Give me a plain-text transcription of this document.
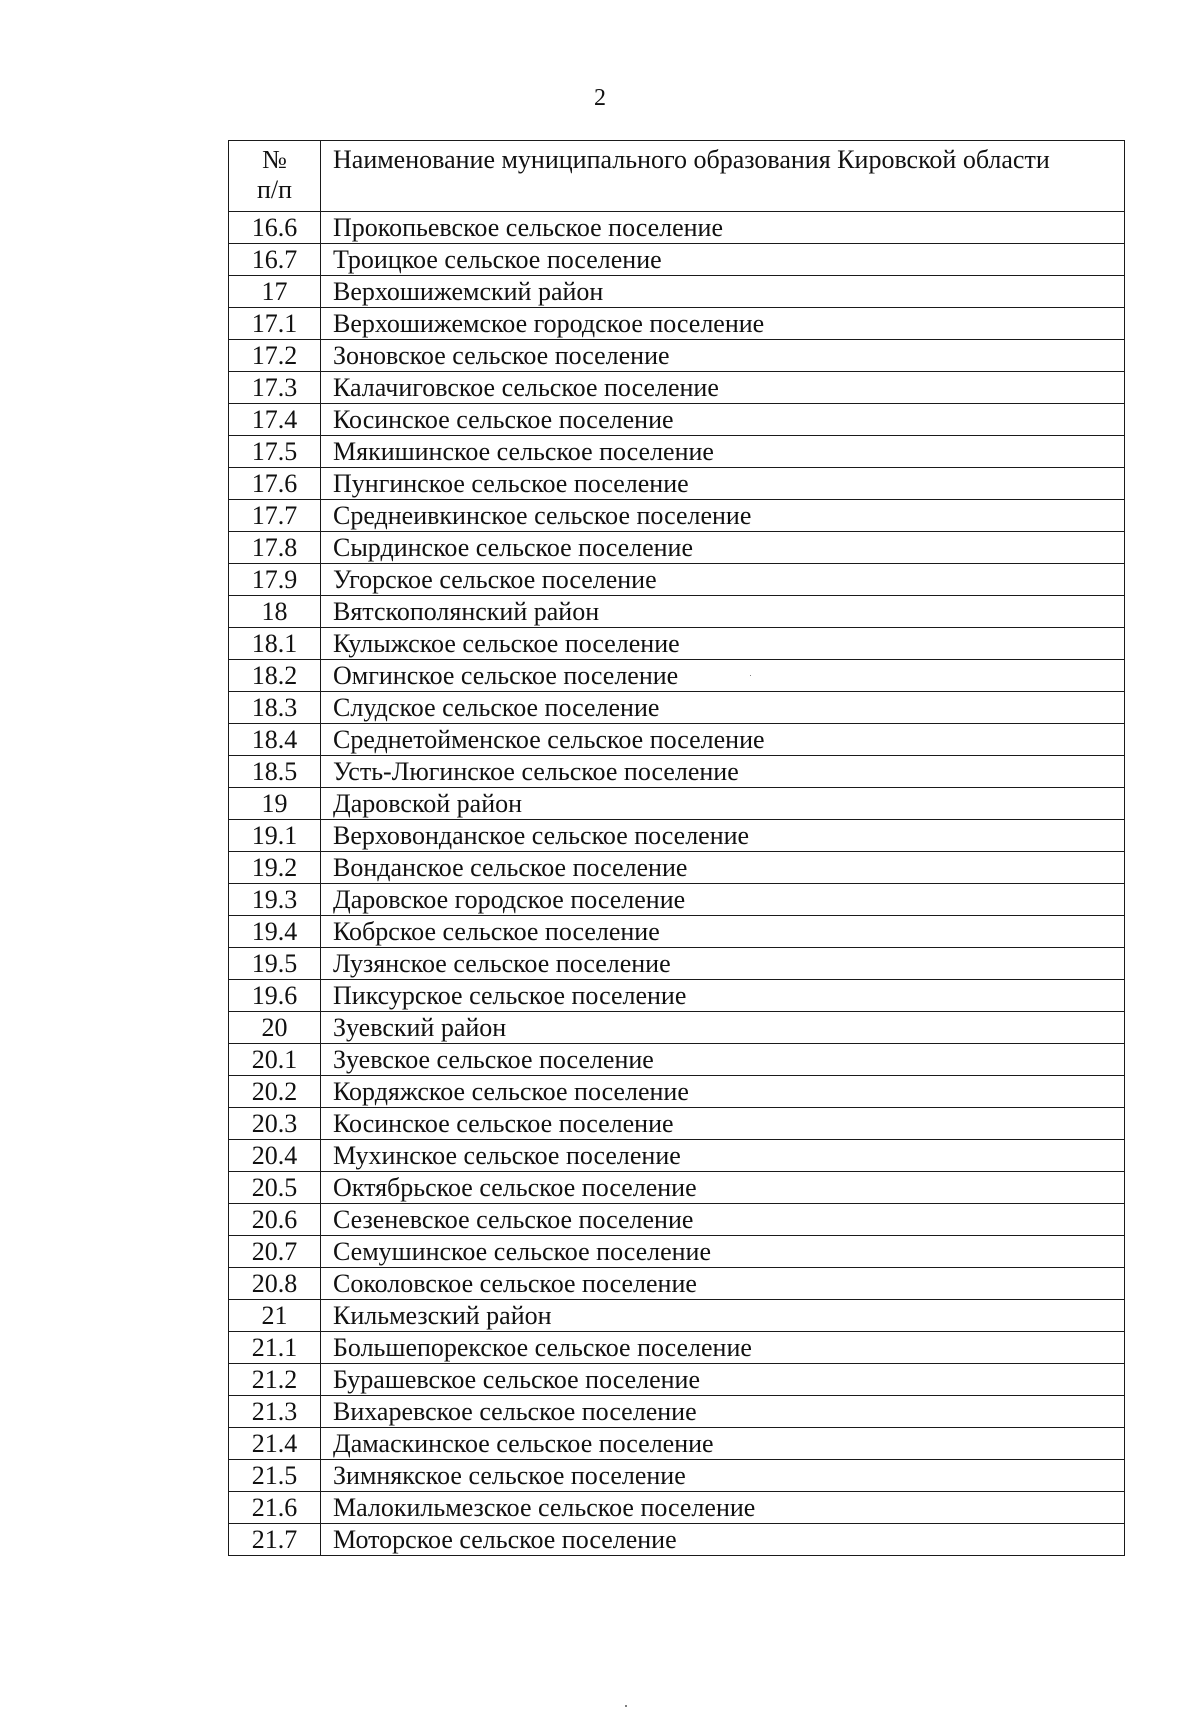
2
№
п/п	Наименование муниципального образования Кировской области
16.6	Прокопьевское сельское поселение
16.7	Троицкое сельское поселение
17	Верхошижемский район
17.1	Верхошижемское городское поселение
17.2	Зоновское сельское поселение
17.3	Калачиговское сельское поселение
17.4	Косинское сельское поселение
17.5	Мякишинское сельское поселение
17.6	Пунгинское сельское поселение
17.7	Среднеивкинское сельское поселение
17.8	Сырдинское сельское поселение
17.9	Угорское сельское поселение
18	Вятскополянский район
18.1	Кулыжское сельское поселение
18.2	Омгинское сельское поселение
18.3	Слудское сельское поселение
18.4	Среднетойменское сельское поселение
18.5	Усть-Люгинское сельское поселение
19	Даровской район
19.1	Верховонданское сельское поселение
19.2	Вонданское сельское поселение
19.3	Даровское городское поселение
19.4	Кобрское сельское поселение
19.5	Лузянское сельское поселение
19.6	Пиксурское сельское поселение
20	Зуевский район
20.1	Зуевское сельское поселение
20.2	Кордяжское сельское поселение
20.3	Косинское сельское поселение
20.4	Мухинское сельское поселение
20.5	Октябрьское сельское поселение
20.6	Сезеневское сельское поселение
20.7	Семушинское сельское поселение
20.8	Соколовское сельское поселение
21	Кильмезский район
21.1	Большепорекское сельское поселение
21.2	Бурашевское сельское поселение
21.3	Вихаревское сельское поселение
21.4	Дамаскинское сельское поселение
21.5	Зимнякское сельское поселение
21.6	Малокильмезское сельское поселение
21.7	Моторское сельское поселение
